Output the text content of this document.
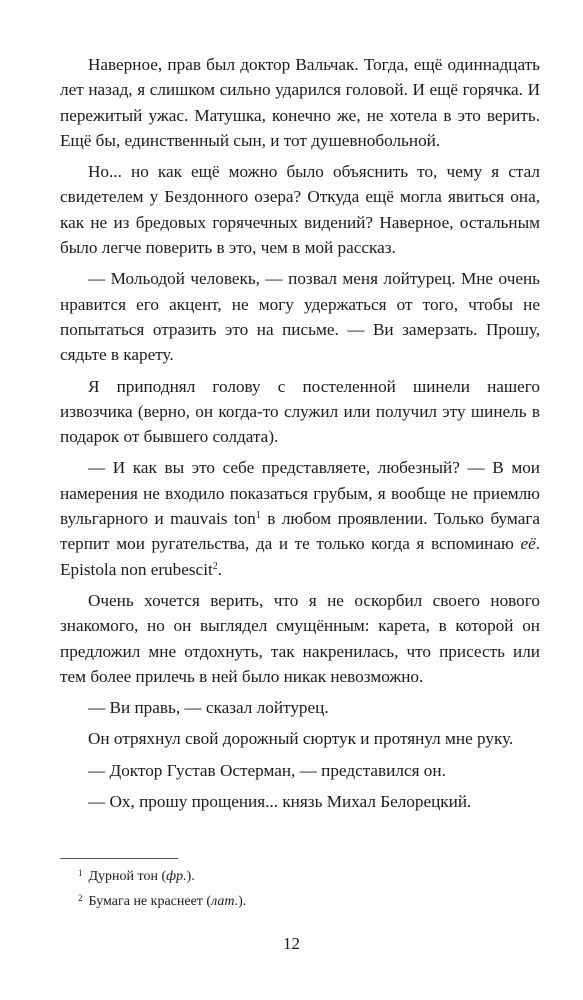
Наверное, прав был доктор Вальчак. Тогда, ещё одиннадцать лет назад, я слишком сильно ударился головой. И ещё горячка. И пережитый ужас. Матушка, конечно же, не хотела в это верить. Ещё бы, единственный сын, и тот душевнобольной.

Но... но как ещё можно было объяснить то, чему я стал свидетелем у Бездонного озера? Откуда ещё могла явиться она, как не из бредовых горячечных видений? Наверное, остальным было легче поверить в это, чем в мой рассказ.

— Мольодой человекь, — позвал меня лойтурец. Мне очень нравится его акцент, не могу удержаться от того, чтобы не попытаться отразить это на письме. — Ви замерзать. Прошу, сядьте в карету.

Я приподнял голову с постеленной шинели нашего извозчика (верно, он когда-то служил или получил эту шинель в подарок от бывшего солдата).

— И как вы это себе представляете, любезный? — В мои намерения не входило показаться грубым, я вообще не приемлю вульгарного и mauvais ton$^1$ в любом проявлении. Только бумага терпит мои ругательства, да и те только когда я вспоминаю её. Epistola non erubescit$^2$.

Очень хочется верить, что я не оскорбил своего нового знакомого, но он выглядел смущённым: карета, в которой он предложил мне отдохнуть, так накренилась, что присесть или тем более прилечь в ней было никак невозможно.

— Ви правь, — сказал лойтурец.

Он отряхнул свой дорожный сюртук и протянул мне руку.

— Доктор Густав Остерман, — представился он.

— Ох, прошу прощения... князь Михал Белорецкий.

$^1$ Дурной тон (фр.).
$^2$ Бумага не краснеет (лат.).
12
